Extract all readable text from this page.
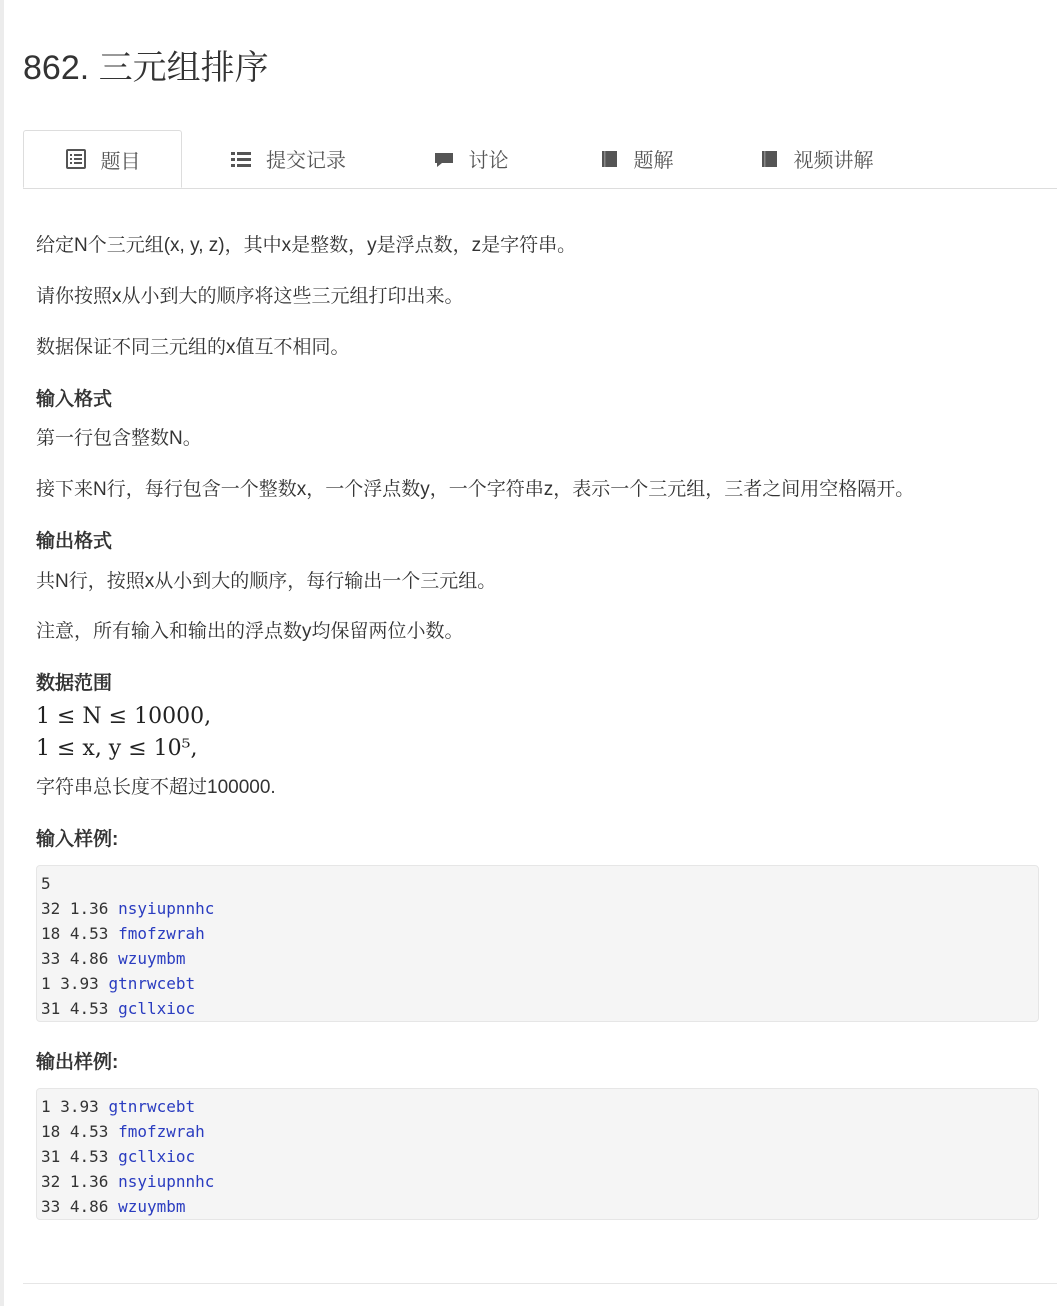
862. 三元组排序
题目	提交记录	讨论	题解	视频讲解

给定N个三元组(x, y, z)，其中x是整数，y是浮点数，z是字符串。

请你按照x从小到大的顺序将这些三元组打印出来。

数据保证不同三元组的x值互不相同。

输入格式

第一行包含整数N。

接下来N行，每行包含一个整数x，一个浮点数y，一个字符串z，表示一个三元组，三者之间用空格隔开。

输出格式

共N行，按照x从小到大的顺序，每行输出一个三元组。

注意，所有输入和输出的浮点数y均保留两位小数。

数据范围
1 ≤ N ≤ 10000,
1 ≤ x, y ≤ 10⁵,

字符串总长度不超过100000.

输入样例:
5
32 1.36 nsyiupnnhc
18 4.53 fmofzwrah
33 4.86 wzuymbm
1 3.93 gtnrwcebt
31 4.53 gcllxioc
输出样例:
1 3.93 gtnrwcebt
18 4.53 fmofzwrah
31 4.53 gcllxioc
32 1.36 nsyiupnnhc
33 4.86 wzuymbm
